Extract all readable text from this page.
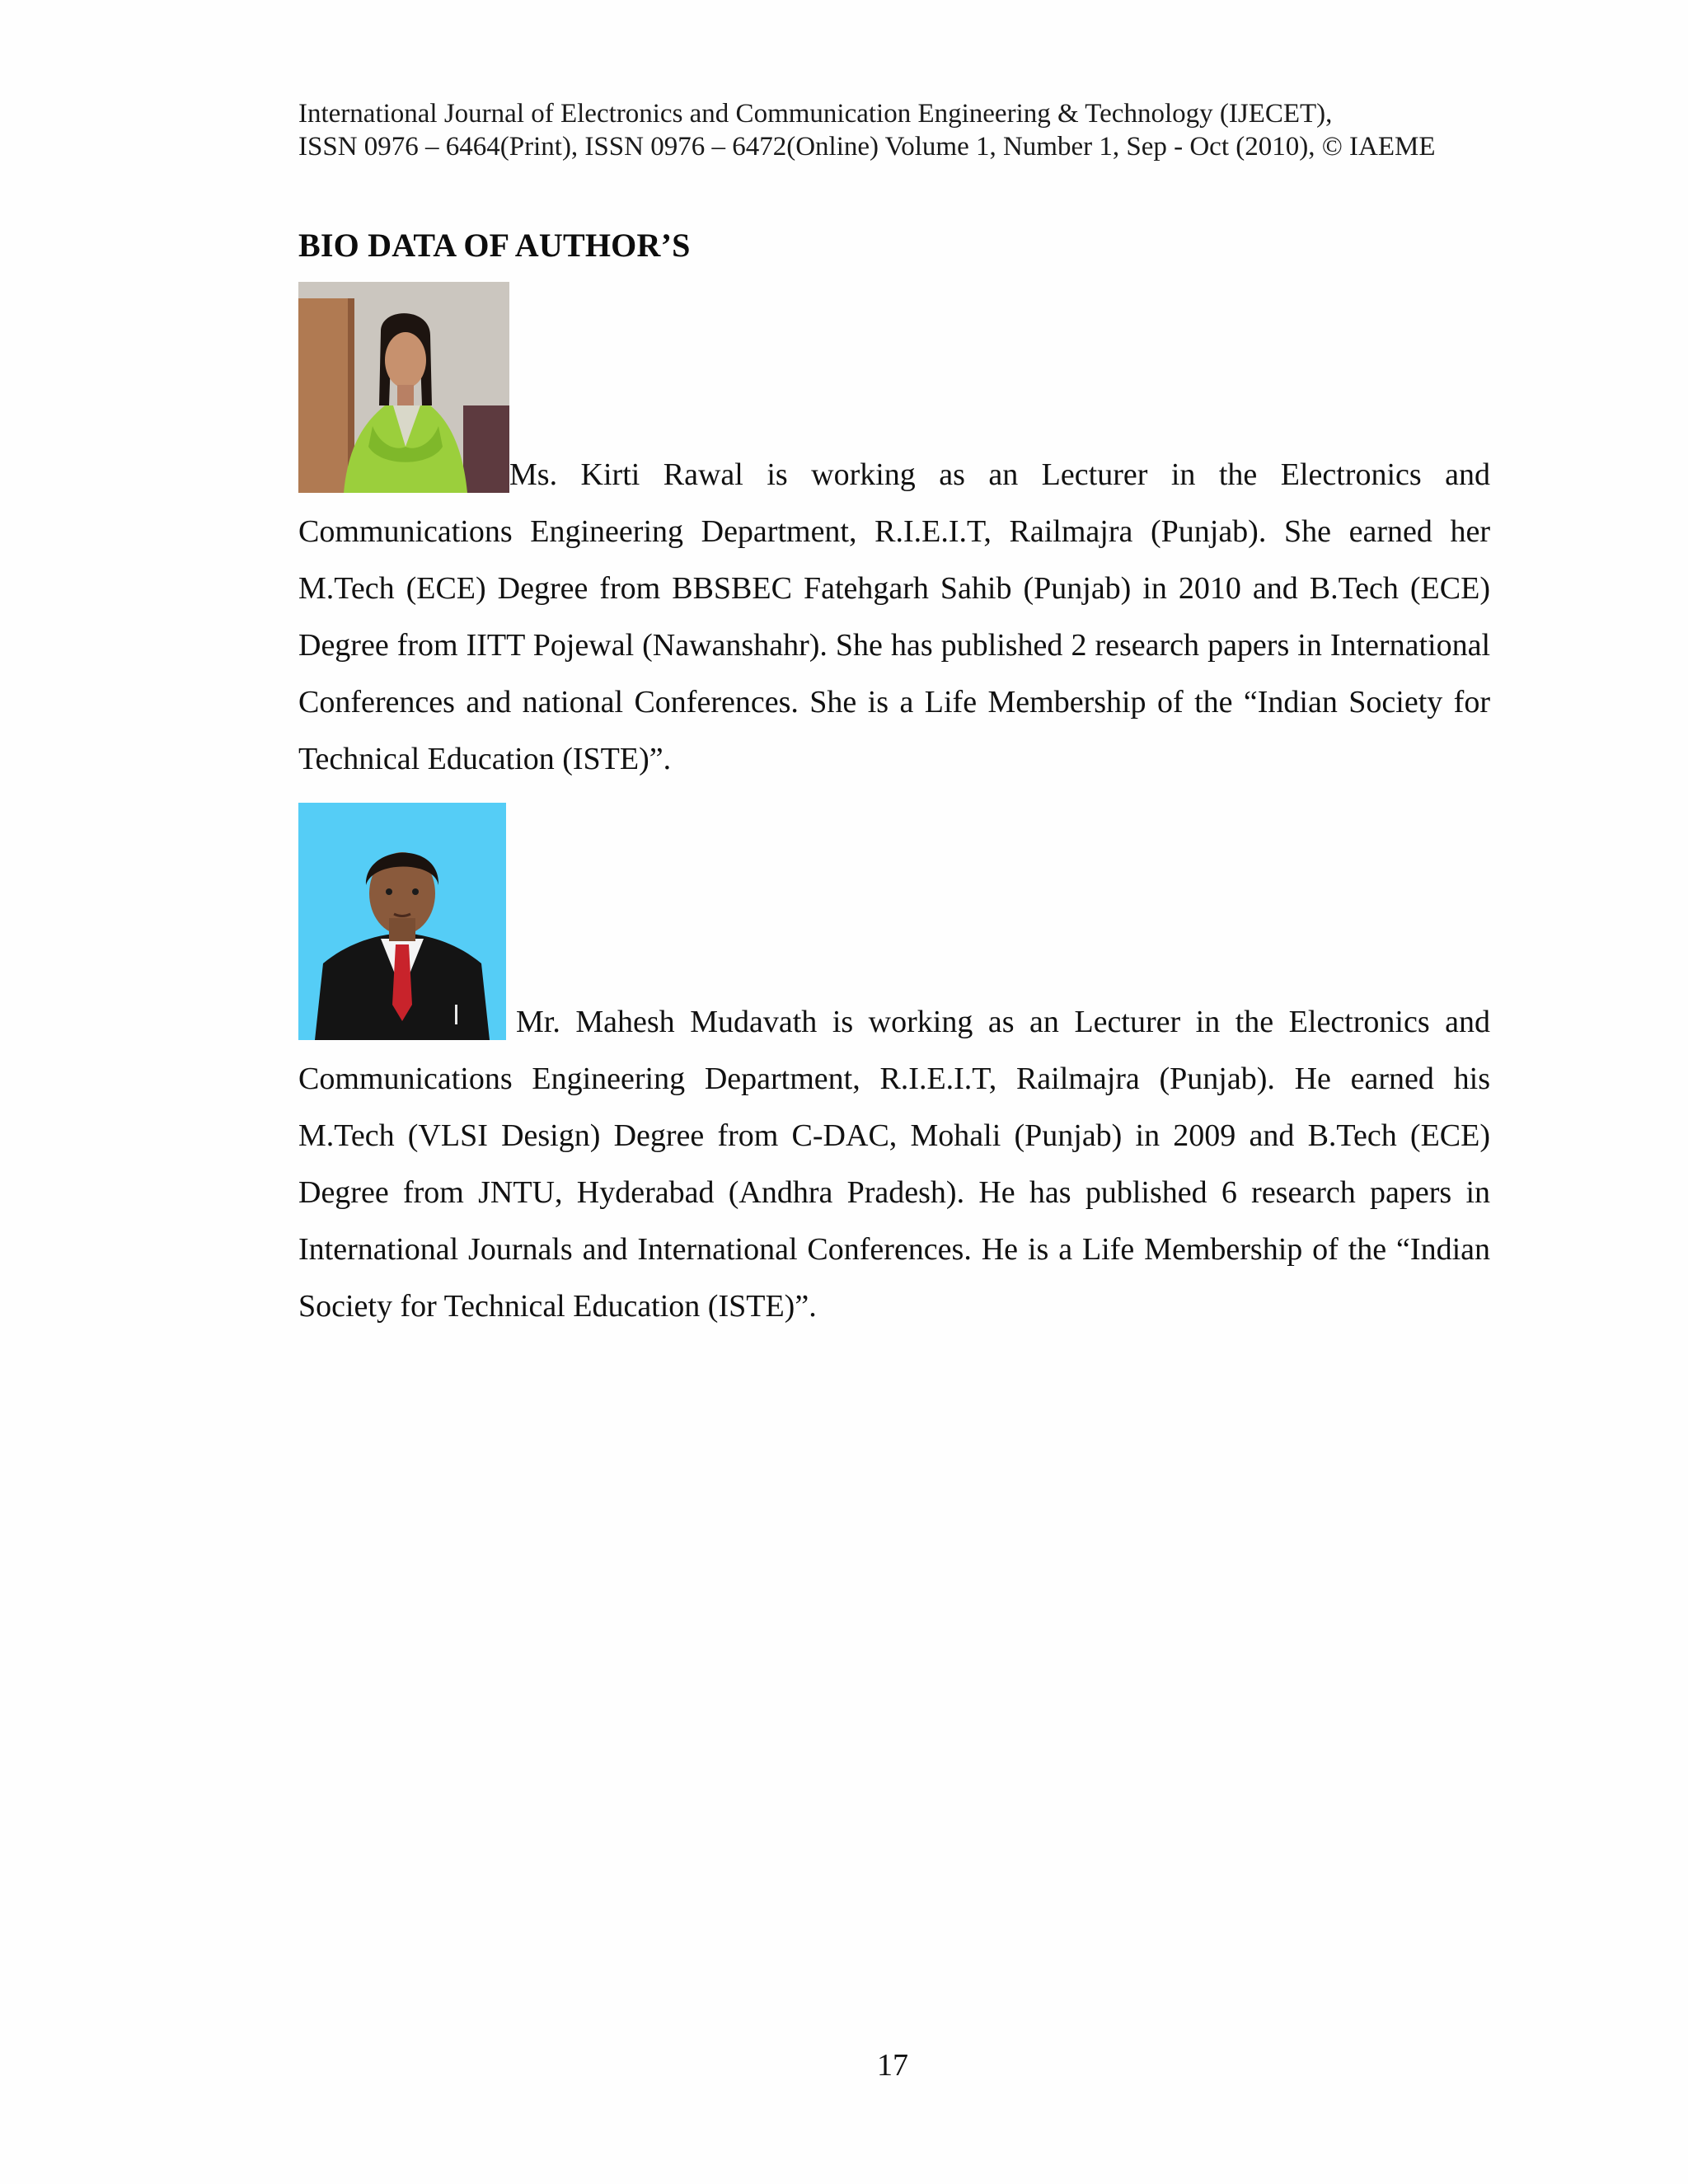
International Journal of Electronics and Communication Engineering & Technology (IJECET),
ISSN 0976 – 6464(Print), ISSN 0976 – 6472(Online) Volume 1, Number 1, Sep - Oct (2010), © IAEME
BIO DATA OF AUTHOR’S
Ms. Kirti Rawal is working as an Lecturer in the Electronics and Communications Engineering Department, R.I.E.I.T, Railmajra (Punjab). She earned her M.Tech (ECE) Degree from BBSBEC Fatehgarh Sahib (Punjab) in 2010 and B.Tech (ECE) Degree from IITT Pojewal (Nawanshahr). She has published 2 research papers in International Conferences and national Conferences. She is a Life Membership of the “Indian Society for Technical Education (ISTE)”.
Mr. Mahesh Mudavath is working as an Lecturer in the Electronics and Communications Engineering Department, R.I.E.I.T, Railmajra (Punjab). He earned his M.Tech (VLSI Design) Degree from C-DAC, Mohali (Punjab) in 2009 and B.Tech (ECE) Degree from JNTU, Hyderabad (Andhra Pradesh). He has published 6 research papers in International Journals and International Conferences. He is a Life Membership of the “Indian Society for Technical Education (ISTE)”.
17
